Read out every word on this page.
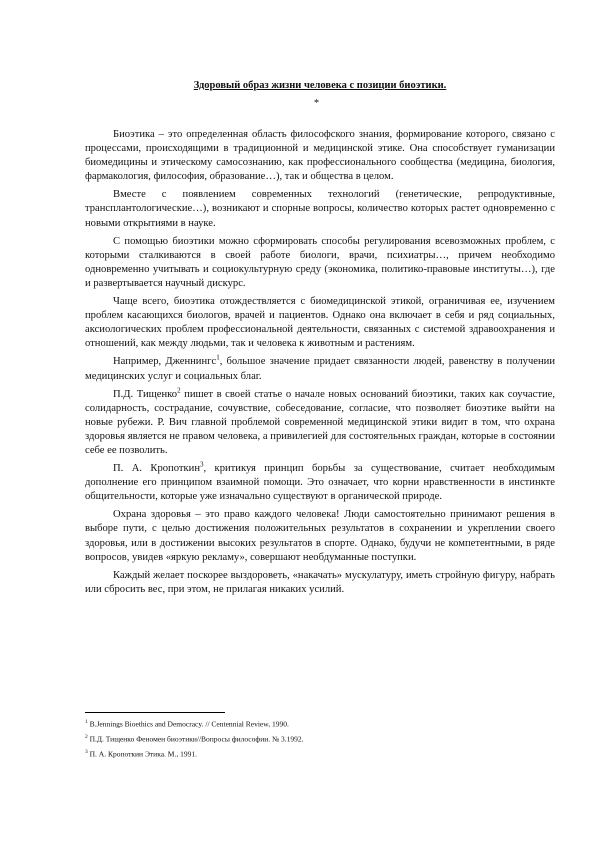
Здоровый образ жизни человека с позиции биоэтики.
*

Биоэтика – это определенная область философского знания, формирование которого, связано с процессами, происходящими в традиционной и медицинской этике. Она способствует гуманизации биомедицины и этическому самосознанию, как профессионального сообщества (медицина, биология, фармакология, философия, образование…), так и общества в целом.

Вместе с появлением современных технологий (генетические, репродуктивные, трансплантологические…), возникают и спорные вопросы, количество которых растет одновременно с новыми открытиями в науке.

С помощью биоэтики можно сформировать способы регулирования всевозможных проблем, с которыми сталкиваются в своей работе биологи, врачи, психиатры…, причем необходимо одновременно учитывать и социокультурную среду (экономика, политико-правовые институты…), где и развертывается научный дискурс.

Чаще всего, биоэтика отождествляется с биомедицинской этикой, ограничивая ее, изучением проблем касающихся биологов, врачей и пациентов. Однако она включает в себя и ряд социальных, аксиологических проблем профессиональной деятельности, связанных с системой здравоохранения и отношений, как между людьми, так и человека к животным и растениям.

Например, Дженнингс$^1$, большое значение придает связанности людей, равенству в получении медицинских услуг и социальных благ.

П.Д. Тищенко$^2$ пишет в своей статье о начале новых оснований биоэтики, таких как соучастие, солидарность, сострадание, сочувствие, собеседование, согласие, что позволяет биоэтике выйти на новые рубежи. Р. Вич главной проблемой современной медицинской этики видит в том, что охрана здоровья является не правом человека, а привилегией для состоятельных граждан, которые в состоянии себе ее позволить.

П. А. Кропоткин$^3$, критикуя принцип борьбы за существование, считает необходимым дополнение его принципом взаимной помощи. Это означает, что корни нравственности в инстинкте общительности, которые уже изначально существуют в органической природе.

Охрана здоровья – это право каждого человека! Люди самостоятельно принимают решения в выборе пути, с целью достижения положительных результатов в сохранении и укреплении своего здоровья, или в достижении высоких результатов в спорте. Однако, будучи не компетентными, в ряде вопросов, увидев «яркую рекламу», совершают необдуманные поступки.

Каждый желает поскорее выздороветь, «накачать» мускулатуру, иметь стройную фигуру, набрать или сбросить вес, при этом, не прилагая никаких усилий.

$^1$ B.Jennings Bioethics and Democracy. // Centennial Review, 1990.
$^2$ П.Д. Тищенко Феномен биоэтики//Вопросы философии. № 3.1992.
$^3$ П. А. Кропоткин Этика. М., 1991.
